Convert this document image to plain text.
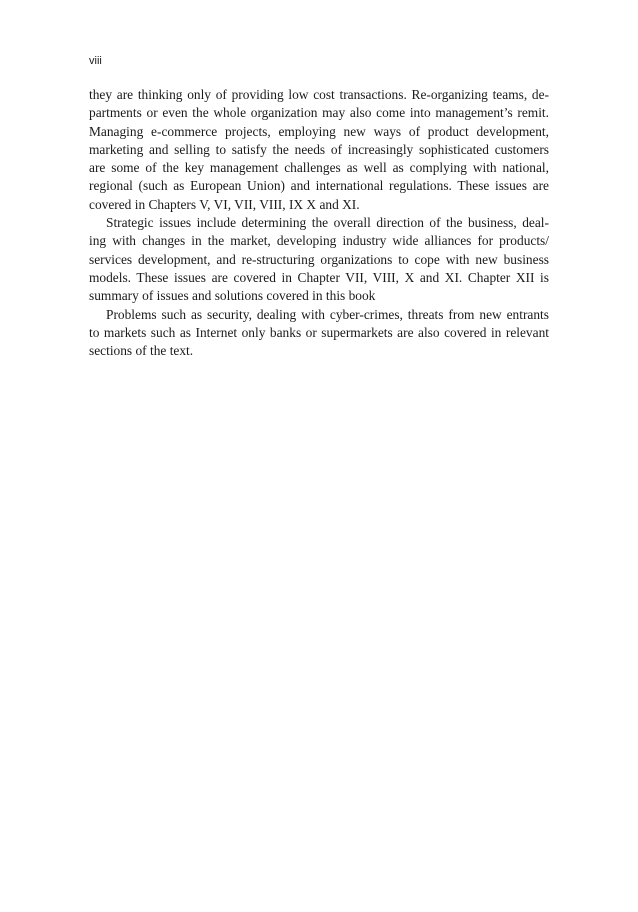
viii

they are thinking only of providing low cost transactions. Re-organizing teams, de-
partments or even the whole organization may also come into management’s remit.
Managing e-commerce projects, employing new ways of product development,
marketing and selling to satisfy the needs of increasingly sophisticated customers
are some of the key management challenges as well as complying with national,
regional (such as European Union) and international regulations. These issues are
covered in Chapters V, VI, VII, VIII, IX X and XI.
Strategic issues include determining the overall direction of the business, deal-
ing with changes in the market, developing industry wide alliances for products/
services development, and re-structuring organizations to cope with new business
models. These issues are covered in Chapter VII, VIII, X and XI. Chapter XII is
summary of issues and solutions covered in this book
Problems such as security, dealing with cyber-crimes, threats from new entrants
to markets such as Internet only banks or supermarkets are also covered in relevant
sections of the text.
